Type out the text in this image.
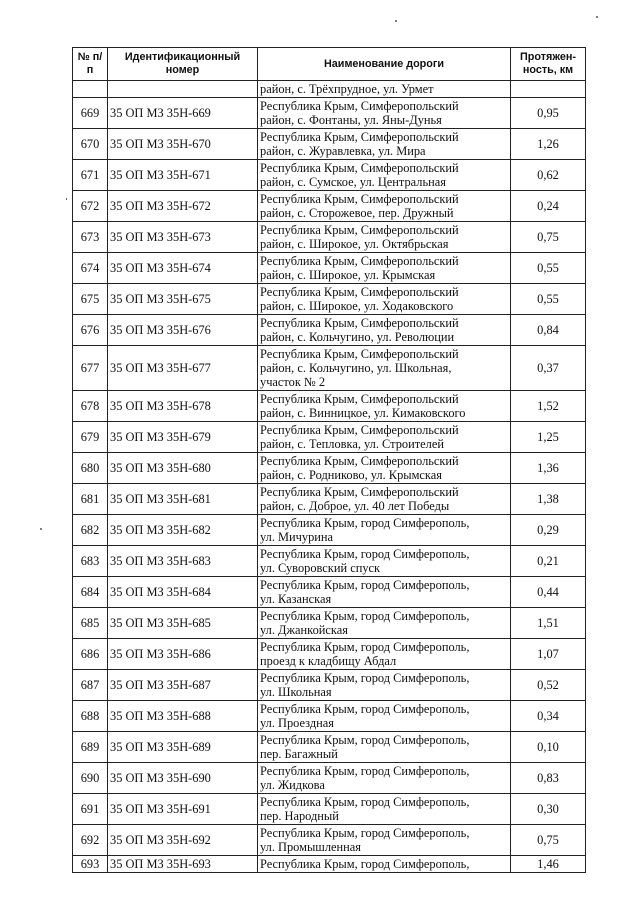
№ п/п	Идентификационный номер	Наименование дороги	Протяжен-ность, км
		район, с. Трёхпрудное, ул. Урмет	
669	35 ОП МЗ 35Н-669	Республика Крым, Симферопольский
район, с. Фонтаны, ул. Яны-Дунья	0,95
670	35 ОП МЗ 35Н-670	Республика Крым, Симферопольский
район, с. Журавлевка, ул. Мира	1,26
671	35 ОП МЗ 35Н-671	Республика Крым, Симферопольский
район, с. Сумское, ул. Центральная	0,62
672	35 ОП МЗ 35Н-672	Республика Крым, Симферопольский
район, с. Сторожевое, пер. Дружный	0,24
673	35 ОП МЗ 35Н-673	Республика Крым, Симферопольский
район, с. Широкое, ул. Октябрьская	0,75
674	35 ОП МЗ 35Н-674	Республика Крым, Симферопольский
район, с. Широкое, ул. Крымская	0,55
675	35 ОП МЗ 35Н-675	Республика Крым, Симферопольский
район, с. Широкое, ул. Ходаковского	0,55
676	35 ОП МЗ 35Н-676	Республика Крым, Симферопольский
район, с. Кольчугино, ул. Революции	0,84
677	35 ОП МЗ 35Н-677	Республика Крым, Симферопольский
район, с. Кольчугино, ул. Школьная,
участок № 2	0,37
678	35 ОП МЗ 35Н-678	Республика Крым, Симферопольский
район, с. Винницкое, ул. Кимаковского	1,52
679	35 ОП МЗ 35Н-679	Республика Крым, Симферопольский
район, с. Тепловка, ул. Строителей	1,25
680	35 ОП МЗ 35Н-680	Республика Крым, Симферопольский
район, с. Родниково, ул. Крымская	1,36
681	35 ОП МЗ 35Н-681	Республика Крым, Симферопольский
район, с. Доброе, ул. 40 лет Победы	1,38
682	35 ОП МЗ 35Н-682	Республика Крым, город Симферополь,
ул. Мичурина	0,29
683	35 ОП МЗ 35Н-683	Республика Крым, город Симферополь,
ул. Суворовский спуск	0,21
684	35 ОП МЗ 35Н-684	Республика Крым, город Симферополь,
ул. Казанская	0,44
685	35 ОП МЗ 35Н-685	Республика Крым, город Симферополь,
ул. Джанкойская	1,51
686	35 ОП МЗ 35Н-686	Республика Крым, город Симферополь,
проезд к кладбищу Абдал	1,07
687	35 ОП МЗ 35Н-687	Республика Крым, город Симферополь,
ул. Школьная	0,52
688	35 ОП МЗ 35Н-688	Республика Крым, город Симферополь,
ул. Проездная	0,34
689	35 ОП МЗ 35Н-689	Республика Крым, город Симферополь,
пер. Багажный	0,10
690	35 ОП МЗ 35Н-690	Республика Крым, город Симферополь,
ул. Жидкова	0,83
691	35 ОП МЗ 35Н-691	Республика Крым, город Симферополь,
пер. Народный	0,30
692	35 ОП МЗ 35Н-692	Республика Крым, город Симферополь,
ул. Промышленная	0,75
693	35 ОП МЗ 35Н-693	Республика Крым, город Симферополь,	1,46
